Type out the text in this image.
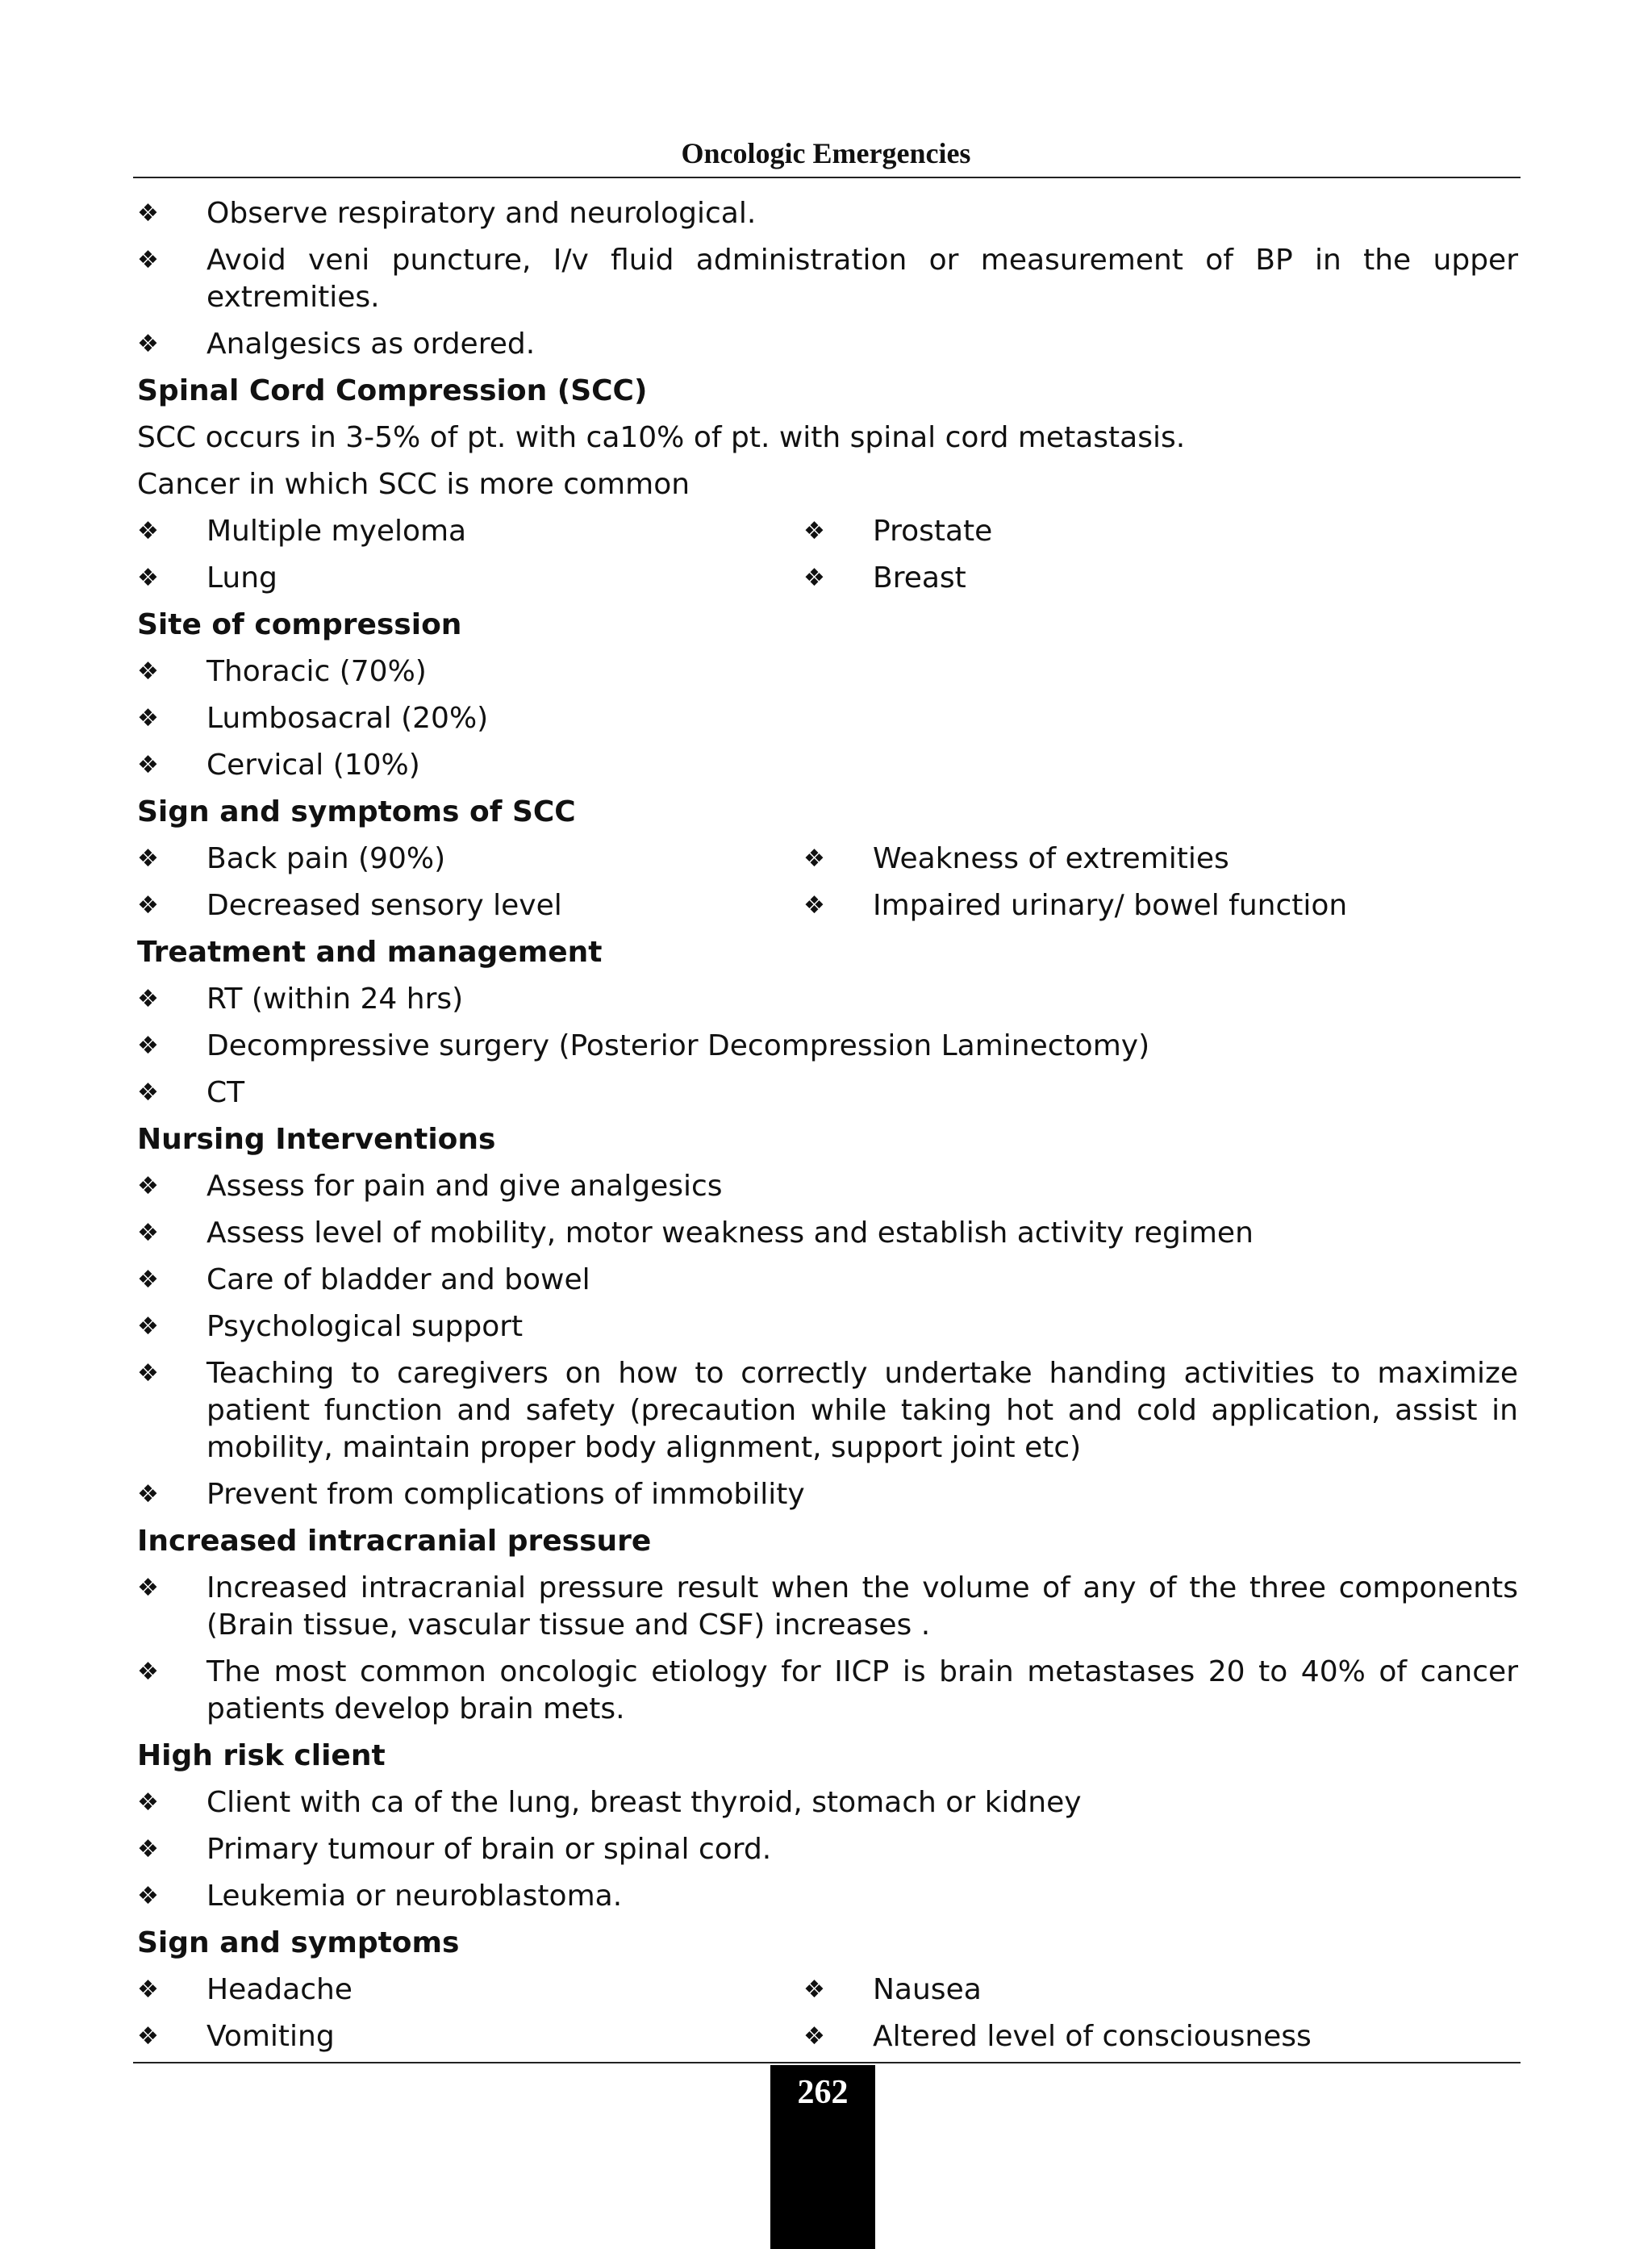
Oncologic Emergencies
❖	Observe respiratory and neurological.
❖	Avoid veni puncture, I/v fluid administration or measurement of BP in the upper extremities.
❖	Analgesics as ordered.
Spinal Cord Compression (SCC)
SCC occurs in 3-5% of pt. with ca10% of pt. with spinal cord metastasis.
Cancer in which SCC is more common
❖	Multiple myeloma
❖	Lung
❖	Prostate
❖	Breast
Site of compression
❖	Thoracic (70%)
❖	Lumbosacral (20%)
❖	Cervical (10%)
Sign and symptoms of SCC
❖	Back pain (90%)
❖	Decreased sensory level
❖	Weakness of extremities
❖	Impaired urinary/ bowel function
Treatment and management
❖	RT (within 24 hrs)
❖	Decompressive surgery (Posterior Decompression Laminectomy)
❖	CT
Nursing Interventions
❖	Assess for pain and give analgesics
❖	Assess level of mobility, motor weakness and establish activity regimen
❖	Care of bladder and bowel
❖	Psychological support
❖	Teaching to caregivers on how to correctly undertake handing activities to maximize patient function and safety (precaution while taking hot and cold application, assist in mobility, maintain proper body alignment, support joint etc)
❖	Prevent from complications of immobility
Increased intracranial pressure
❖	Increased intracranial pressure result when the volume of any of the three components (Brain tissue, vascular tissue and CSF) increases .
❖	The most common oncologic etiology for IICP is brain metastases 20 to 40% of cancer patients develop brain mets.
High risk client
❖	Client with ca of the lung, breast thyroid, stomach or kidney
❖	Primary tumour of brain or spinal cord.
❖	Leukemia or neuroblastoma.
Sign and symptoms
❖	Headache
❖	Vomiting
❖	Nausea
❖	Altered level of consciousness
262
